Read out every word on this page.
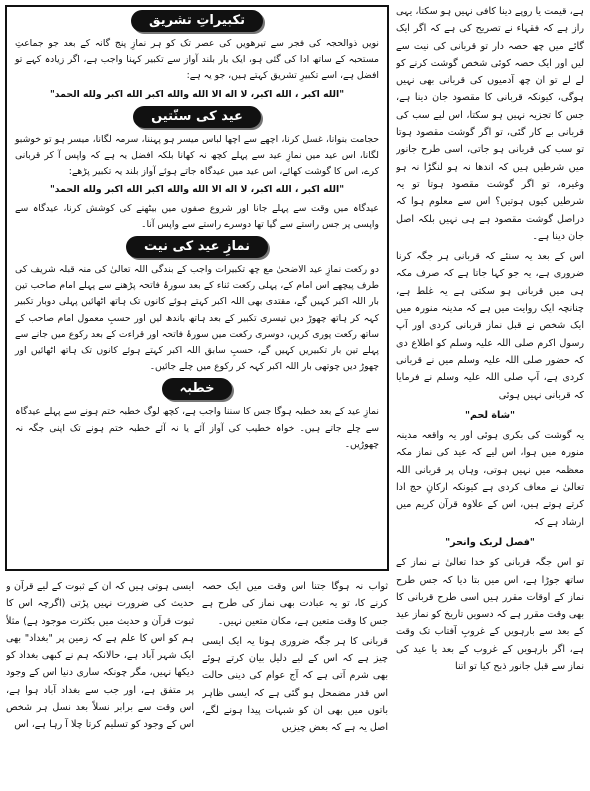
ہے، قیمت یا روپے دینا کافی نہیں ہو سکتا، یہی راز ہے کہ فقہاء نے تصریح کی ہے کہ اگر ایک گائے میں چھ حصہ دار تو قربانی کی نیت سے لیں اور ایک حصہ کوئی شخص گوشت کرنے کو لے لے تو ان چھ آدمیوں کی قربانی بھی نہیں ہوگی، کیونکہ قربانی کا مقصود جان دینا ہے، جس کا تجزیہ نہیں ہو سکتا، اس لیے سب کی قربانی بے کار گئی، تو اگر گوشت مقصود ہوتا تو سب کی قربانی ہو جاتی، اسی طرح جانور میں شرطیں ہیں کہ اندھا نہ ہو لنگڑا نہ ہو وغیرہ، تو اگر گوشت مقصود ہوتا تو یہ شرطیں کیوں ہوتیں؟ اس سے معلوم ہوا کہ دراصل گوشت مقصود ہے ہی نہیں بلکہ اصل جان دینا ہے۔

اس کے بعد یہ سنئے کہ قربانی ہر جگہ کرنا ضروری ہے، یہ جو کہا جاتا ہے کہ صرف مکہ ہی میں قربانی ہو سکتی ہے یہ غلط ہے، چنانچہ ایک روایت میں ہے کہ مدینہ منورہ میں ایک شخص نے قبل نماز قربانی کردی اور آپ رسول اکرم صلی اللہ علیہ وسلم کو اطلاع دی کہ حضور صلی اللہ علیہ وسلم میں نے قربانی کردی ہے، آپ صلی اللہ علیہ وسلم نے فرمایا کہ قربانی نہیں ہوئی

"شاة لحم"

یہ گوشت کی بکری ہوئی اور یہ واقعہ مدینہ منورہ میں ہوا، اس لیے کہ عید کی نماز مکہ معظمہ میں نہیں ہوتی، وہاں پر قربانی اللہ تعالیٰ نے معاف کردی ہے کیونکہ ارکانِ حج ادا کرتے ہوتے ہیں، اس کے علاوہ قرآن کریم میں ارشاد ہے کہ

"فصل لربک وانحر"

تو اس جگہ قربانی کو خدا تعالیٰ نے نماز کے ساتھ جوڑا ہے، اس میں بتا دیا کہ جس طرح نماز کے اوقات مقرر ہیں اسی طرح قربانی کا بھی وقت مقرر ہے کہ دسویں تاریخ کو نماز عید کے بعد سے بارہویں کے غروبِ آفتاب تک وقت ہے، اگر بارہویں کے غروب کے بعد یا عید کی نماز سے قبل جانور ذبح کیا تو اتنا

تکبیراتِ تشریق

نویں ذوالحجہ کی فجر سے تیرھویں کی عصر تک کو ہر نمازِ پنج گانہ کے بعد جو جماعتِ مستحبہ کے ساتھ ادا کی گئی ہو، ایک بار بلند آواز سے تکبیر کہنا واجب ہے، اگر زیادہ کہے تو افضل ہے، اسے تکبیرِ تشریق کہتے ہیں، جو یہ ہے:

"الله اکبر ، الله اکبر، لا اله الا الله والله اکبر الله اکبر ولله الحمد"

عید کی سنّتیں

حجامت بنوانا، غسل کرنا، اچھے سے اچھا لباس میسر ہو پہننا، سرمہ لگانا، میسر ہو تو خوشبو لگانا، اس عید میں نمازِ عید سے پہلے کچھ نہ کھانا بلکہ افضل یہ ہے کہ واپس آ کر قربانی کرے، اس کا گوشت کھائے، اس عید میں عیدگاہ جاتے ہوئے آواز بلند یہ تکبیر پڑھے:

"الله اکبر ، الله اکبر، لا اله الا الله والله اکبر الله اکبر ولله الحمد"

عیدگاہ میں وقت سے پہلے جانا اور شروع صفوں میں بیٹھنے کی کوشش کرنا، عیدگاہ سے واپسی پر جس راستے سے گیا تھا دوسرے راستے سے واپس آنا۔

نمازِ عید کی نیت

دو رکعت نمازِ عید الاضحیٰ مع چھ تکبیرات واجب کے بندگی اللہ تعالیٰ کی منہ قبلہ شریف کی طرف پیچھے اس امام کے، پہلی رکعت ثناء کے بعد سورۂ فاتحہ پڑھنے سے پہلے امام صاحب تین بار اللہ اکبر کہیں گے، مقتدی بھی اللہ اکبر کہتے ہوئے کانوں تک ہاتھ اٹھائیں پہلی دوبار تکبیر کہہ کر ہاتھ چھوڑ دیں تیسری تکبیر کے بعد ہاتھ باندھ لیں اور حسبِ معمول امام صاحب کے ساتھ رکعت پوری کریں، دوسری رکعت میں سورۂ فاتحہ اور قراءت کے بعد رکوع میں جانے سے پہلے تین بار تکبیریں کہیں گے، حسبِ سابق اللہ اکبر کہتے ہوئے کانوں تک ہاتھ اٹھائیں اور چھوڑ دیں چوتھی بار اللہ اکبر کہہ کر رکوع میں چلے جائیں۔

خطبہ

نمازِ عید کے بعد خطبہ ہوگا جس کا سننا واجب ہے، کچھ لوگ خطبہ ختم ہونے سے پہلے عیدگاہ سے چلے جاتے ہیں۔ خواہ خطیب کی آواز آئے یا نہ آئے خطبہ ختم ہونے تک اپنی جگہ نہ چھوڑیں۔

ثواب نہ ہوگا جتنا اس وقت میں ایک حصہ کرنے کا، تو یہ عبادت بھی نماز کی طرح ہے جس کا وقت متعین ہے، مکان متعین نہیں۔

قربانی کا ہر جگہ ضروری ہونا یہ ایک ایسی چیز ہے کہ اس کے لیے دلیل بیان کرتے ہوئے بھی شرم آتی ہے کہ آج عوام کی دینی حالت اس قدر مضمحل ہو گئی ہے کہ ایسی ظاہر باتوں میں بھی ان کو شبہات پیدا ہونے لگے، اصل یہ ہے کہ بعض چیزیں

ایسی ہوتی ہیں کہ ان کے ثبوت کے لیے قرآن و حدیث کی ضرورت نہیں پڑتی (اگرچہ اس کا ثبوت قرآن و حدیث میں بکثرت موجود ہے) مثلاً ہم کو اس کا علم ہے کہ زمین پر "بغداد" بھی ایک شہر آباد ہے، حالانکہ ہم نے کبھی بغداد کو دیکھا نہیں، مگر چونکہ ساری دنیا اس کے وجود پر متفق ہے، اور جب سے بغداد آباد ہوا ہے، اس وقت سے برابر نسلاً بعد نسل ہر شخص اس کے وجود کو تسلیم کرتا چلا آ رہا ہے، اس
